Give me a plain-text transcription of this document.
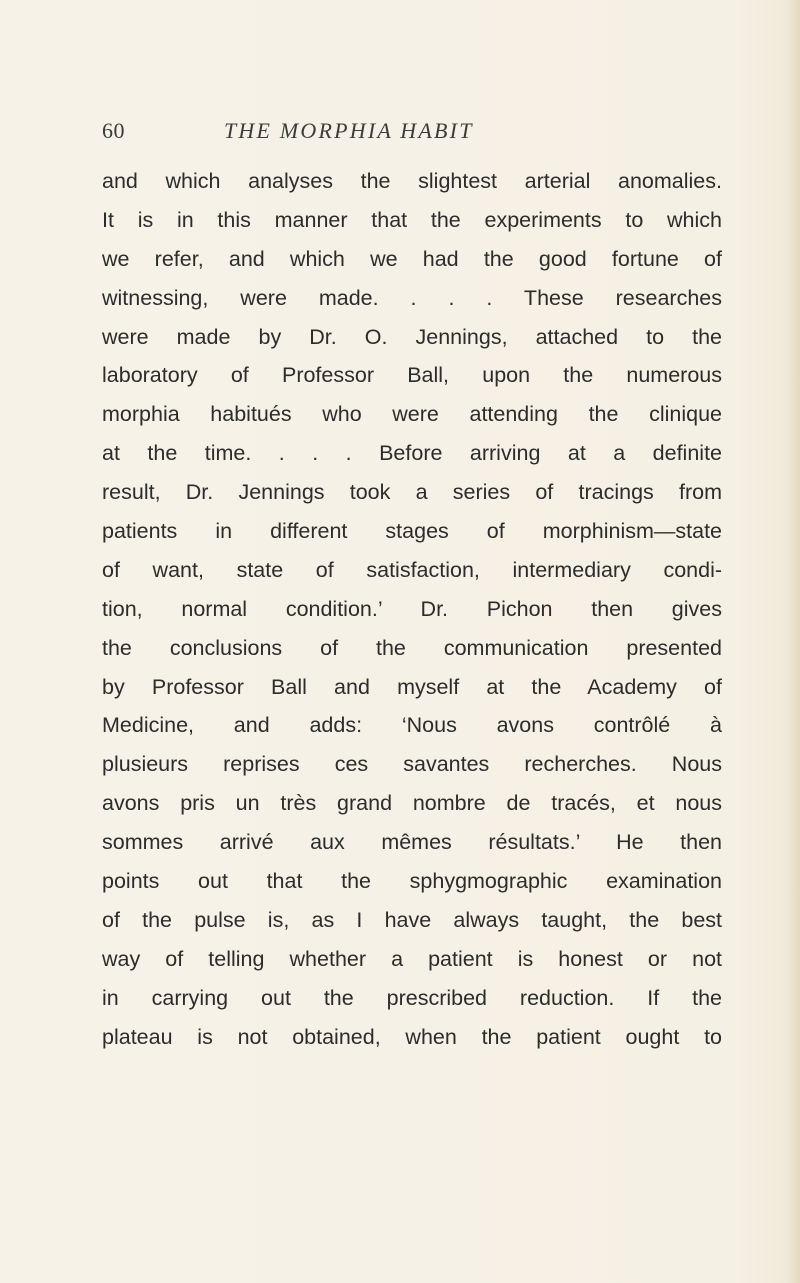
60	THE MORPHIA HABIT
and which analyses the slightest arterial anomalies.
It is in this manner that the experiments to which
we refer, and which we had the good fortune of
witnessing, were made. . . . These researches
were made by Dr. O. Jennings, attached to the
laboratory of Professor Ball, upon the numerous
morphia habitués who were attending the clinique
at the time. . . . Before arriving at a definite
result, Dr. Jennings took a series of tracings from
patients in different stages of morphinism—state
of want, state of satisfaction, intermediary condi-
tion, normal condition.’ Dr. Pichon then gives
the conclusions of the communication presented
by Professor Ball and myself at the Academy of
Medicine, and adds: ‘Nous avons contrôlé à
plusieurs reprises ces savantes recherches. Nous
avons pris un très grand nombre de tracés, et nous
sommes arrivé aux mêmes résultats.’ He then
points out that the sphygmographic examination
of the pulse is, as I have always taught, the best
way of telling whether a patient is honest or not
in carrying out the prescribed reduction. If the
plateau is not obtained, when the patient ought to
